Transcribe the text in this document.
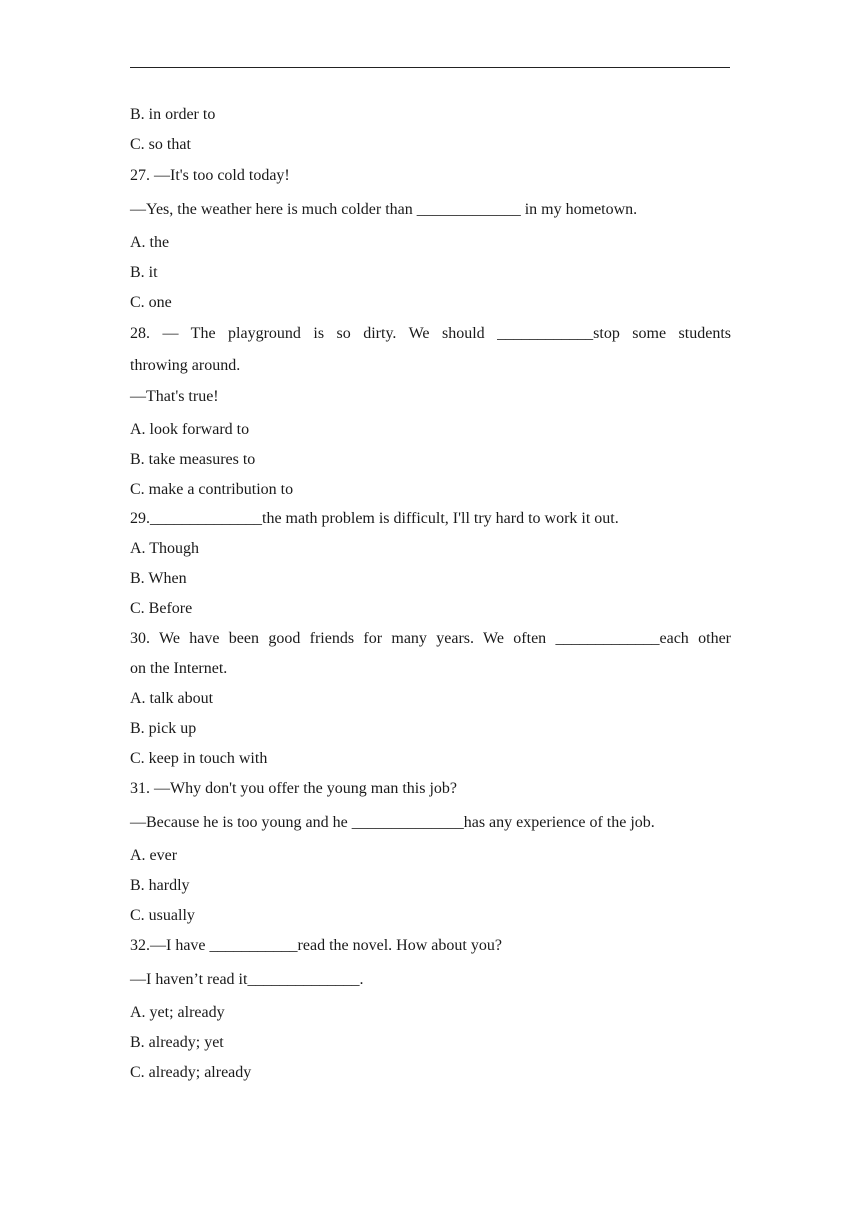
B. in order to
C. so that
27. —It's too cold today!
—Yes, the weather here is much colder than _____________ in my hometown.
A. the
B. it
C. one
28. — The playground is so dirty. We should ____________stop some students
throwing around.
—That's true!
A. look forward to
B. take measures to
C. make a contribution to
29.______________the math problem is difficult, I'll try hard to work it out.
A. Though
B. When
C. Before
30. We have been good friends for many years. We often _____________each other
on the Internet.
A. talk about
B. pick up
C. keep in touch with
31. —Why don't you offer the young man this job?
—Because he is too young and he ______________has any experience of the job.
A. ever
B. hardly
C. usually
32.—I have ___________read the novel. How about you?
—I haven’t read it______________.
A. yet; already
B. already; yet
C. already; already
